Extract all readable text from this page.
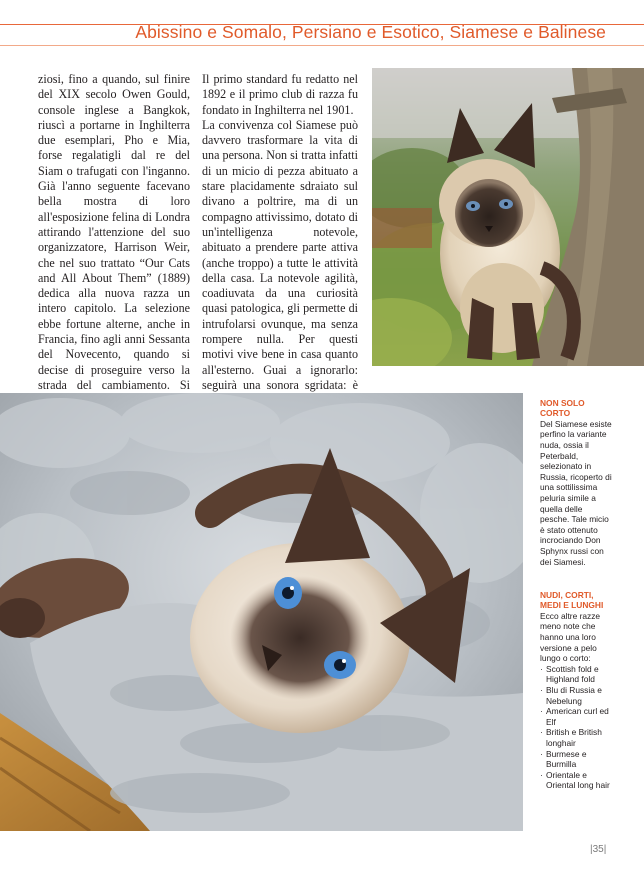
Abissino e Somalo, Persiano e Esotico, Siamese e Balinese

ziosi, fino a quando, sul finire del XIX secolo Owen Gould, console inglese a Bangkok, riuscì a portarne in Inghilterra due esemplari, Pho e Mia, forse regalatigli dal re del Siam o trafugati con l'inganno. Già l'anno seguente facevano bella mostra di loro all'esposizione felina di Londra attirando l'attenzione del suo organizzatore, Harrison Weir, che nel suo trattato “Our Cats and All About Them” (1889) dedica alla nuova razza un intero capitolo. La selezione ebbe fortune alterne, anche in Francia, fino agli anni Sessanta del Novecento, quando si decise di proseguire verso la strada del cambiamento. Si

Il primo standard fu redatto nel 1892 e il primo club di razza fu fondato in Inghilterra nel 1901.

La convivenza col Siamese può davvero trasformare la vita di una persona. Non si tratta infatti di un micio di pezza abituato a stare placidamente sdraiato sul divano a poltrire, ma di un compagno attivissimo, dotato di un'intelligenza notevole, abituato a prendere parte attiva (anche troppo) a tutte le attività della casa. La notevole agilità, coadiuvata da una curiosità quasi patologica, gli permette di intrufolarsi ovunque, ma senza rompere nulla. Per questi motivi vive bene in casa quanto all'esterno. Guai a ignorarlo: seguirà una sonora sgridata: è

NON SOLO CORTO
Del Siamese esiste perfino la variante nuda, ossia il Peterbald, selezionato in Russia, ricoperto di una sottilissima peluria simile a quella delle pesche. Tale micio è stato ottenuto incrociando Don Sphynx russi con dei Siamesi.
NUDI, CORTI, MEDI E LUNGHI
Ecco altre razze meno note che hanno una loro versione a pelo lungo o corto:
· Scottish fold e Highland fold
· Blu di Russia e Nebelung
· American curl ed Elf
· British e British longhair
· Burmese e Burmilla
· Orientale e Oriental long hair
|35|
